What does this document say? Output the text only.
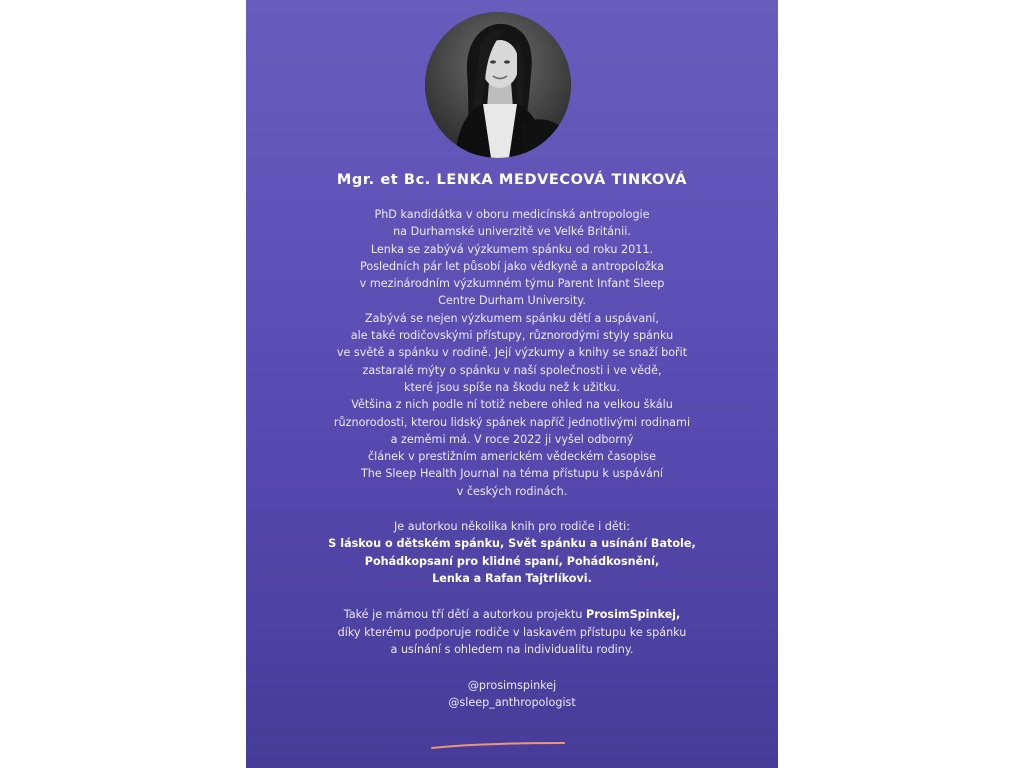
Mgr. et Bc. LENKA MEDVECOVÁ TINKOVÁ
PhD kandidátka v oboru medicínská antropologie
na Durhamské univerzitě ve Velké Británii.
Lenka se zabývá výzkumem spánku od roku 2011.
Posledních pár let působí jako vědkyně a antropoložka
v mezinárodním výzkumném týmu Parent Infant Sleep
Centre Durham University.
Zabývá se nejen výzkumem spánku dětí a uspávaní,
ale také rodičovskými přístupy, různorodými styly spánku
ve světě a spánku v rodině. Její výzkumy a knihy se snaží bořit
zastaralé mýty o spánku v naší společnosti i ve vědě,
které jsou spíše na škodu než k užitku.
Většina z nich podle ní totiž nebere ohled na velkou škálu
různorodosti, kterou lidský spánek napříč jednotlivými rodinami
a zeměmi má. V roce 2022 ji vyšel odborný
článek v prestižním americkém vědeckém časopise
The Sleep Health Journal na téma přístupu k uspávání
v českých rodinách.
Je autorkou několika knih pro rodiče i děti:
S láskou o dětském spánku, Svět spánku a usínání Batole,
Pohádkopsaní pro klidné spaní, Pohádkosnění,
Lenka a Rafan Tajtrlíkovi.
Také je mámou tří dětí a autorkou projektu ProsimSpinkej,
díky kterému podporuje rodiče v laskavém přístupu ke spánku
a usínání s ohledem na individualitu rodiny.
@prosimspinkej
@sleep_anthropologist
